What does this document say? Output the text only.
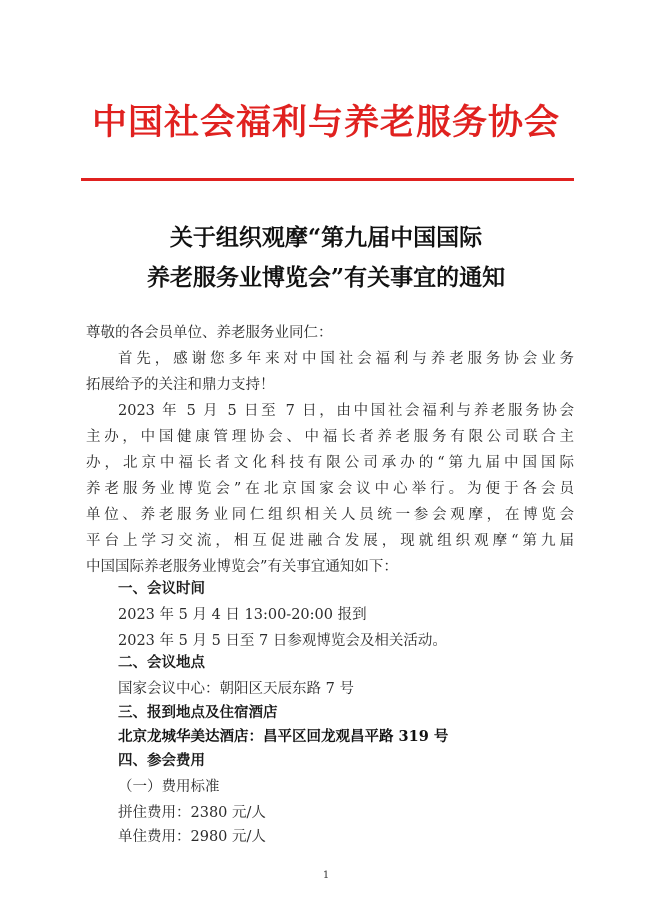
中国社会福利与养老服务协会
关于组织观摩“第九届中国国际
养老服务业博览会”有关事宜的通知
尊敬的各会员单位、养老服务业同仁：
首先，感谢您多年来对中国社会福利与养老服务协会业务
拓展给予的关注和鼎力支持！
2023 年 5 月 5 日至 7 日，由中国社会福利与养老服务协会
主办，中国健康管理协会、中福长者养老服务有限公司联合主
办，北京中福长者文化科技有限公司承办的“第九届中国国际
养老服务业博览会”在北京国家会议中心举行。为便于各会员
单位、养老服务业同仁组织相关人员统一参会观摩，在博览会
平台上学习交流，相互促进融合发展，现就组织观摩“第九届
中国国际养老服务业博览会”有关事宜通知如下：
一、会议时间
2023 年 5 月 4 日 13:00-20:00 报到
2023 年 5 月 5 日至 7 日参观博览会及相关活动。
二、会议地点
国家会议中心：朝阳区天辰东路 7 号
三、报到地点及住宿酒店
北京龙城华美达酒店：昌平区回龙观昌平路 319 号
四、参会费用
（一）费用标准
拼住费用：2380 元/人
单住费用：2980 元/人
1
